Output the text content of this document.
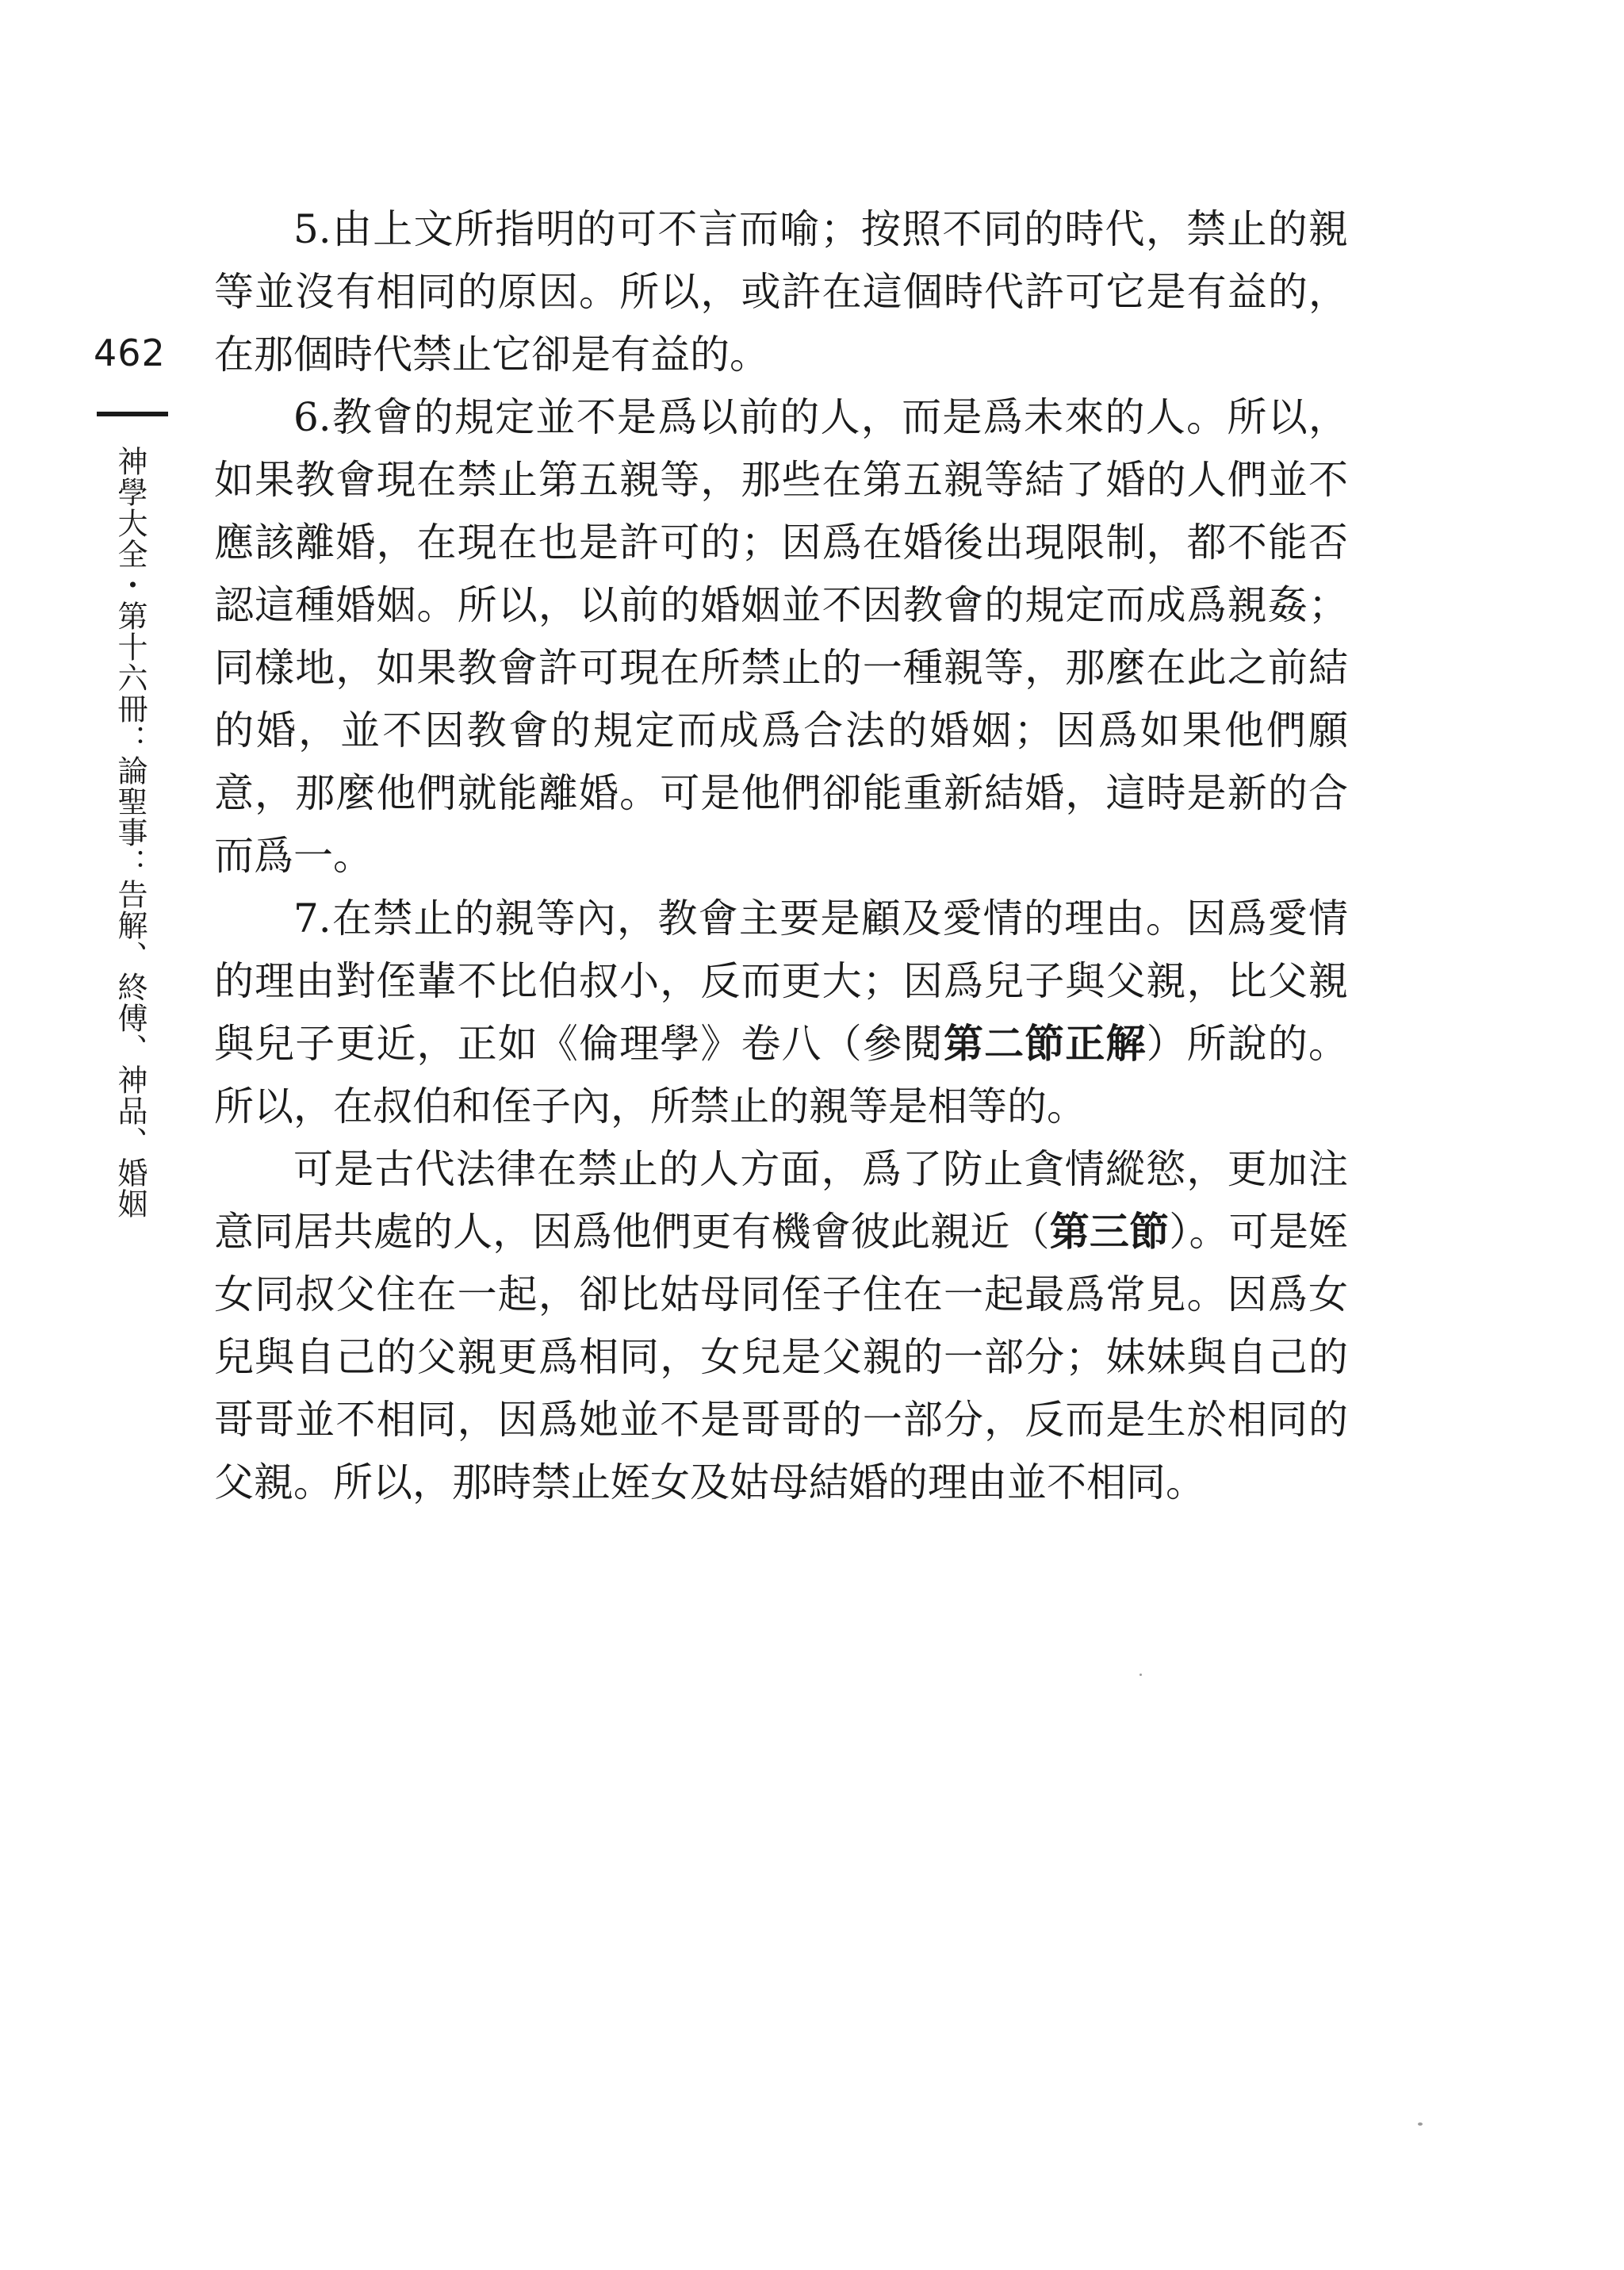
462
神學大全・第十六冊：論聖事：告解、終傅、神品、婚姻

5.由上文所指明的可不言而喻；按照不同的時代，禁止的親等並沒有相同的原因。所以，或許在這個時代許可它是有益的，在那個時代禁止它卻是有益的。

6.教會的規定並不是爲以前的人，而是爲未來的人。所以，如果教會現在禁止第五親等，那些在第五親等結了婚的人們並不應該離婚，在現在也是許可的；因爲在婚後出現限制，都不能否認這種婚姻。所以，以前的婚姻並不因教會的規定而成爲親姦；同樣地，如果教會許可現在所禁止的一種親等，那麼在此之前結的婚，並不因教會的規定而成爲合法的婚姻；因爲如果他們願意，那麼他們就能離婚。可是他們卻能重新結婚，這時是新的合而爲一。

7.在禁止的親等內，教會主要是顧及愛情的理由。因爲愛情的理由對侄輩不比伯叔小，反而更大；因爲兒子與父親，比父親與兒子更近，正如《倫理學》卷八（參閱第二節正解）所說的。所以，在叔伯和侄子內，所禁止的親等是相等的。

可是古代法律在禁止的人方面，爲了防止貪情縱慾，更加注意同居共處的人，因爲他們更有機會彼此親近（第三節）。可是姪女同叔父住在一起，卻比姑母同侄子住在一起最爲常見。因爲女兒與自己的父親更爲相同，女兒是父親的一部分；妹妹與自己的哥哥並不相同，因爲她並不是哥哥的一部分，反而是生於相同的父親。所以，那時禁止姪女及姑母結婚的理由並不相同。
